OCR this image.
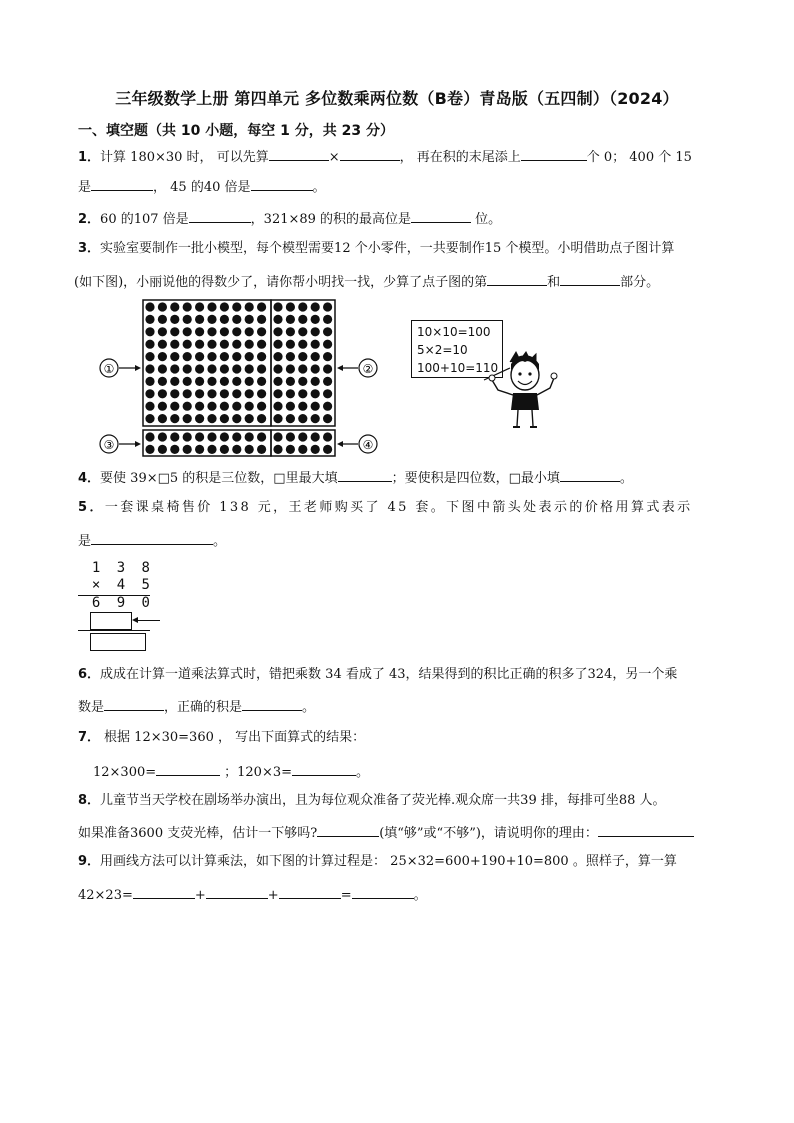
三年级数学上册 第四单元 多位数乘两位数（B卷）青岛版（五四制）（2024）
一、填空题（共 10 小题，每空 1 分，共 23 分）
1．计算 180×30 时， 可以先算	×	， 再在积的末尾添上	个 0； 400 个 15
是	， 45 的40 倍是	。
2．60 的107 倍是	，321×89 的积的最高位是	位。
3．实验室要制作一批小模型，每个模型需要12 个小零件，一共要制作15 个模型。小明借助点子图计算
(如下图)，小丽说他的得数少了，请你帮小明找一找，少算了点子图的第	和	部分。
①	②
③	④
10×10=100
5×2=10
100+10=110
4．要使 39×□5 的积是三位数，□里最大填	；要使积是四位数，□最小填	。
5．一套课桌椅售价 138 元，王老师购买了 45 套。下图中箭头处表示的价格用算式表示
是	。
1 3 8
× 4 5
6 9 0
6．成成在计算一道乘法算式时，错把乘数 34 看成了 43，结果得到的积比正确的积多了324，另一个乘
数是	，正确的积是	。
7． 根据 12×30=360 ， 写出下面算式的结果：
12×300=	；120×3=	。
8．儿童节当天学校在剧场举办演出，且为每位观众准备了荧光棒.观众席一共39 排，每排可坐88 人。
如果准备3600 支荧光棒，估计一下够吗?	(填“够”或“不够”)，请说明你的理由：
9．用画线方法可以计算乘法，如下图的计算过程是： 25×32=600+190+10=800 。照样子，算一算
42×23=	+	+	=	。
